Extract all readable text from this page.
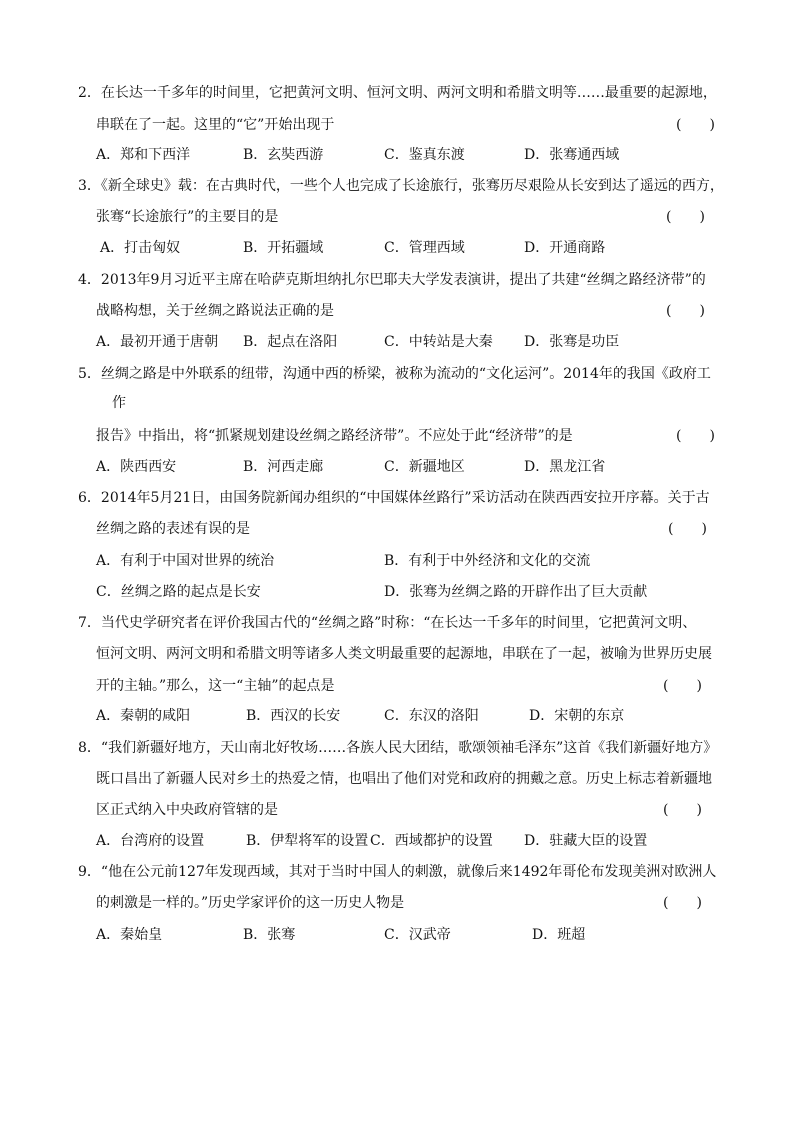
2．在长达一千多年的时间里，它把黄河文明、恒河文明、两河文明和希腊文明等……最重要的起源地，
串联在了一起。这里的“它”开始出现于	(　　)
A．郑和下西洋	B．玄奘西游	C．鉴真东渡	D．张骞通西域
3．《新全球史》载：在古典时代，一些个人也完成了长途旅行，张骞历尽艰险从长安到达了遥远的西方，
张骞“长途旅行”的主要目的是	(　　)
A．打击匈奴	B．开拓疆域	C．管理西域	D．开通商路
4．2013年9月习近平主席在哈萨克斯坦纳扎尔巴耶夫大学发表演讲，提出了共建“丝绸之路经济带”的
战略构想，关于丝绸之路说法正确的是	(　　)
A．最初开通于唐朝 B．起点在洛阳	C．中转站是大秦 D．张骞是功臣
5．丝绸之路是中外联系的纽带，沟通中西的桥梁，被称为流动的“文化运河”。2014年的我国《政府工
作
报告》中指出，将“抓紧规划建设丝绸之路经济带”。不应处于此“经济带”的是	(　　)
A．陕西西安	B．河西走廊	C．新疆地区	D．黑龙江省
6．2014年5月21日，由国务院新闻办组织的“中国媒体丝路行”采访活动在陕西西安拉开序幕。关于古
丝绸之路的表述有误的是	(　　)
A．有利于中国对世界的统治	B．有利于中外经济和文化的交流
C．丝绸之路的起点是长安	D．张骞为丝绸之路的开辟作出了巨大贡献
7．当代史学研究者在评价我国古代的“丝绸之路”时称：“在长达一千多年的时间里，它把黄河文明、
恒河文明、两河文明和希腊文明等诸多人类文明最重要的起源地，串联在了一起，被喻为世界历史展
开的主轴。”那么，这一“主轴”的起点是	(　　)
A．秦朝的咸阳	B．西汉的长安	C．东汉的洛阳	D．宋朝的东京
8．“我们新疆好地方，天山南北好牧场……各族人民大团结，歌颂领袖毛泽东”这首《我们新疆好地方》
既口昌出了新疆人民对乡土的热爱之情，也唱出了他们对党和政府的拥戴之意。历史上标志着新疆地
区正式纳入中央政府管辖的是	(　　)
A．台湾府的设置	B．伊犁将军的设置 C．西域都护的设置 D．驻藏大臣的设置
9．“他在公元前127年发现西域，其对于当时中国人的刺激，就像后来1492年哥伦布发现美洲对欧洲人
的刺激是一样的。”历史学家评价的这一历史人物是	(　　)
A．秦始皇	B．张骞	C．汉武帝	D．班超
